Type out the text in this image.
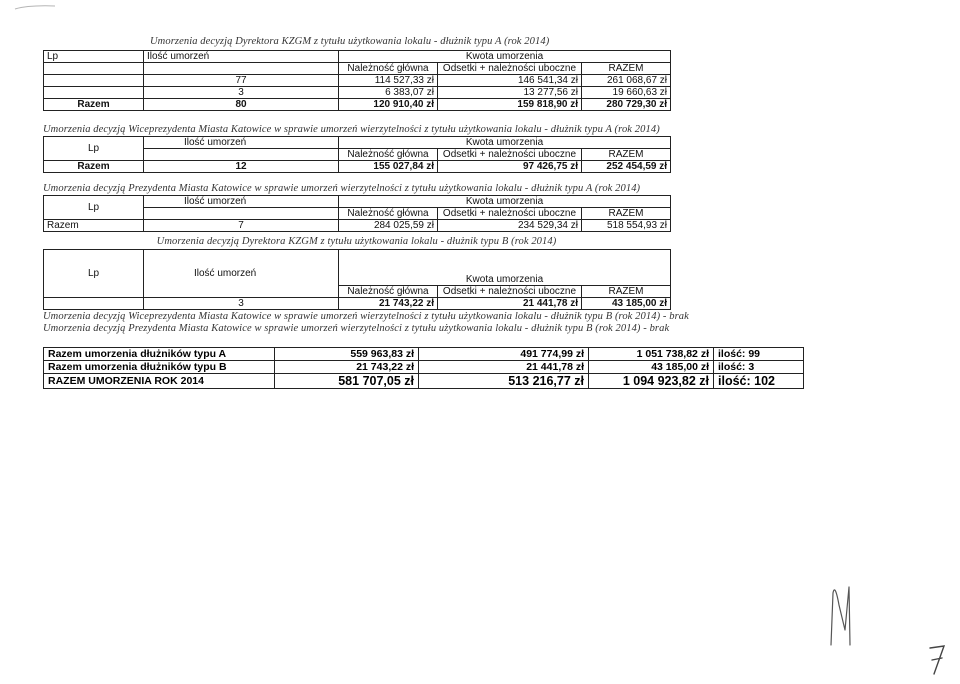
Umorzenia decyzją Dyrektora KZGM z tytułu użytkowania lokalu - dłużnik typu A (rok 2014)
Lp	Ilość umorzeń	Kwota umorzenia		
		Należność główna	Odsetki + należności uboczne	RAZEM
	77	114 527,33 zł	146 541,34 zł	261 068,67 zł
	3	6 383,07 zł	13 277,56 zł	19 660,63 zł
Razem	80	120 910,40 zł	159 818,90 zł	280 729,30 zł
Umorzenia decyzją Wiceprezydenta Miasta Katowice w sprawie umorzeń wierzytelności z tytułu użytkowania lokalu - dłużnik typu A (rok 2014)
Lp	Ilość umorzeń	Kwota umorzenia		
		Należność główna	Odsetki + należności uboczne	RAZEM
Razem	12	155 027,84 zł	97 426,75 zł	252 454,59 zł
Umorzenia decyzją Prezydenta Miasta Katowice w sprawie umorzeń wierzytelności z tytułu użytkowania lokalu - dłużnik typu A (rok 2014)
Lp	Ilość umorzeń	Kwota umorzenia		
		Należność główna	Odsetki + należności uboczne	RAZEM
Razem	7	284 025,59 zł	234 529,34 zł	518 554,93 zł
Umorzenia decyzją Dyrektora KZGM z tytułu użytkowania lokalu - dłużnik typu B (rok 2014)
Lp	Ilość umorzeń	Kwota umorzenia		
		Należność główna	Odsetki + należności uboczne	RAZEM
	3	21 743,22 zł	21 441,78 zł	43 185,00 zł
Umorzenia decyzją Wiceprezydenta Miasta Katowice w sprawie umorzeń wierzytelności z tytułu użytkowania lokalu - dłużnik typu B (rok 2014) - brak
Umorzenia decyzją Prezydenta Miasta Katowice w sprawie umorzeń wierzytelności z tytułu użytkowania lokalu - dłużnik typu B (rok 2014) - brak
Razem umorzenia dłużników typu A	559 963,83 zł	491 774,99 zł	1 051 738,82 zł	ilość: 99
Razem umorzenia dłużników typu B	21 743,22 zł	21 441,78 zł	43 185,00 zł	ilość: 3
RAZEM UMORZENIA ROK 2014	581 707,05 zł	513 216,77 zł	1 094 923,82 zł	ilość: 102
